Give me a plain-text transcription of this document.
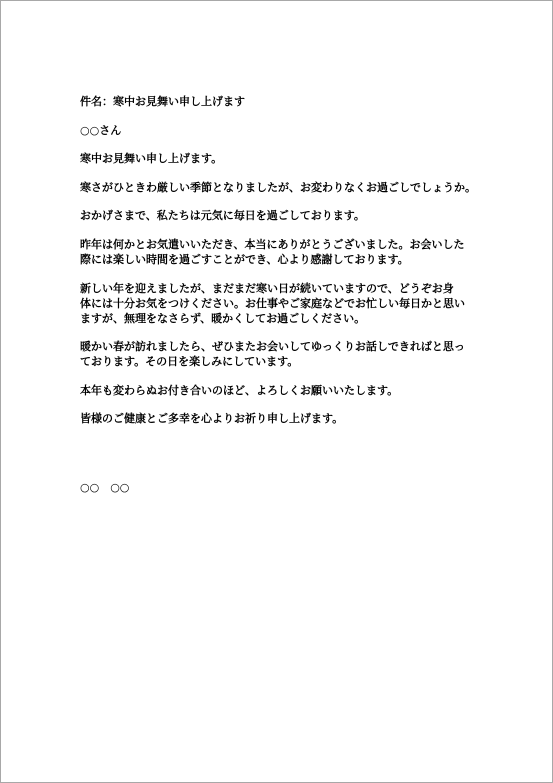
件名：寒中お見舞い申し上げます
○○さん
寒中お見舞い申し上げます。
寒さがひときわ厳しい季節となりましたが、お変わりなくお過ごしでしょうか。
おかげさまで、私たちは元気に毎日を過ごしております。
昨年は何かとお気遣いいただき、本当にありがとうございました。お会いした
際には楽しい時間を過ごすことができ、心より感謝しております。
新しい年を迎えましたが、まだまだ寒い日が続いていますので、どうぞお身
体には十分お気をつけください。お仕事やご家庭などでお忙しい毎日かと思い
ますが、無理をなさらず、暖かくしてお過ごしください。
暖かい春が訪れましたら、ぜひまたお会いしてゆっくりお話しできればと思っ
ております。その日を楽しみにしています。
本年も変わらぬお付き合いのほど、よろしくお願いいたします。
皆様のご健康とご多幸を心よりお祈り申し上げます。

○○　○○
